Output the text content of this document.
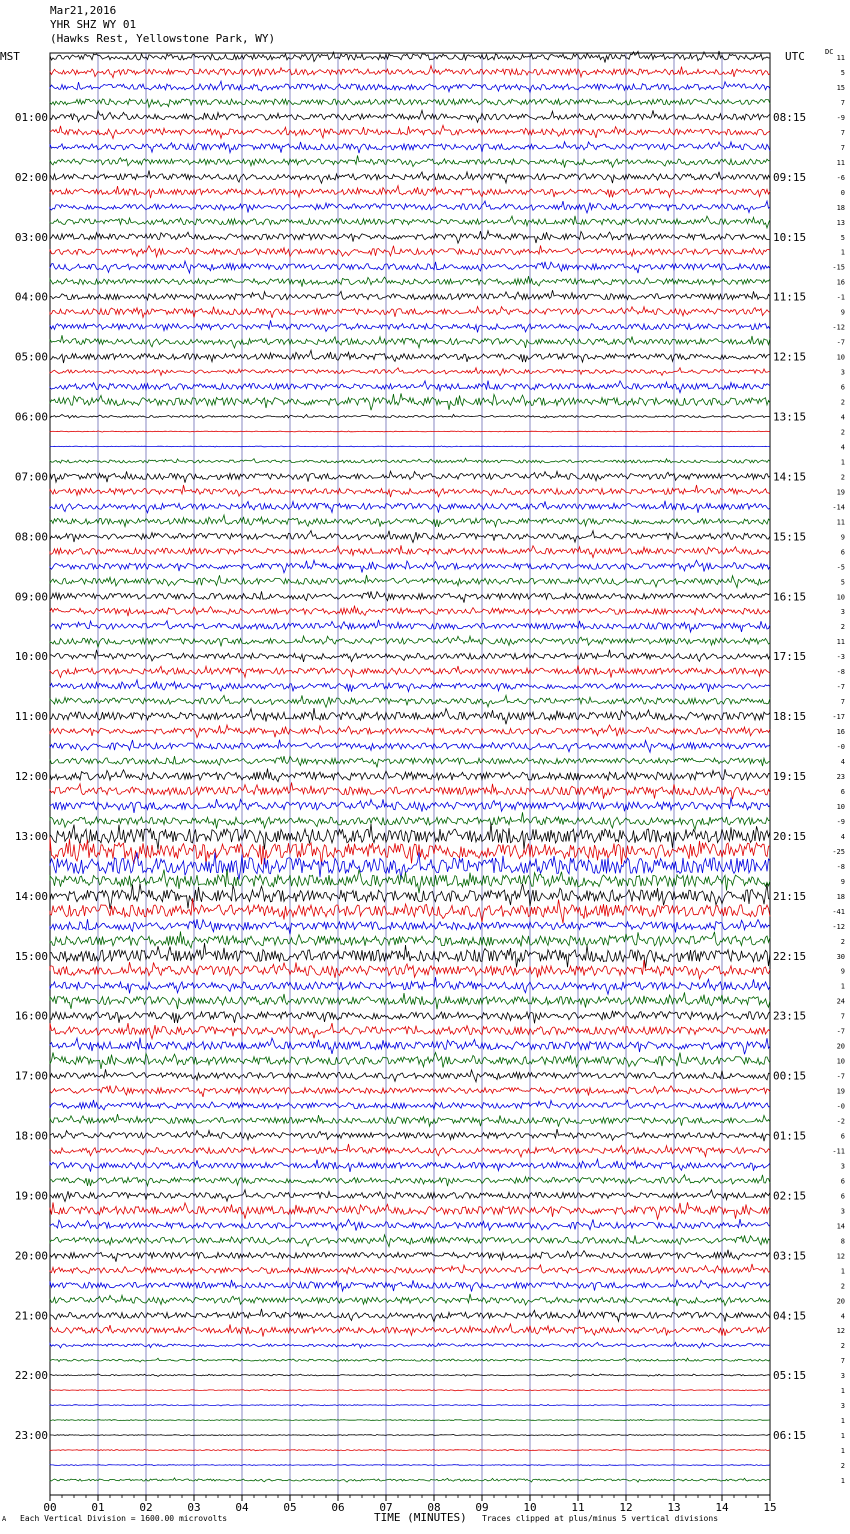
Mar21,2016
YHR SHZ WY 01
(Hawks Rest, Yellowstone Park, WY)
MST	UTC	DC
11
5
15
7
-9
7
7
11
-6
0
18
13
5
1
-15
16
-1
9
-12
-7
10
3
6
2
4
2
4
1
2
19
-14
11
9
6
-5
5
10
3
2
11
-3
-8
-7
7
-17
16
-0
4
23
6
10
-9
4
-25
-8
9
18
-41
-12
2
30
9
1
24
7
-7
20
10
-7
19
-0
-2
6
-11
3
6
6
3
14
8
12
1
2
20
4
12
2
7
3
1
3
1
1
1
2
1
01:00	08:15
02:00	09:15
03:00	10:15
04:00	11:15
05:00	12:15
06:00	13:15
07:00	14:15
08:00	15:15
09:00	16:15
10:00	17:15
11:00	18:15
12:00	19:15
13:00	20:15
14:00	21:15
15:00	22:15
16:00	23:15
17:00	00:15
18:00	01:15
19:00	02:15
20:00	03:15
21:00	04:15
22:00	05:15
23:00	06:15
00	01	02	03	04	05	06	07	08	09	10	11	12	13	14	15
A Each Vertical Division = 1600.00 microvolts	TIME (MINUTES) Traces clipped at plus/minus 5 vertical divisions
